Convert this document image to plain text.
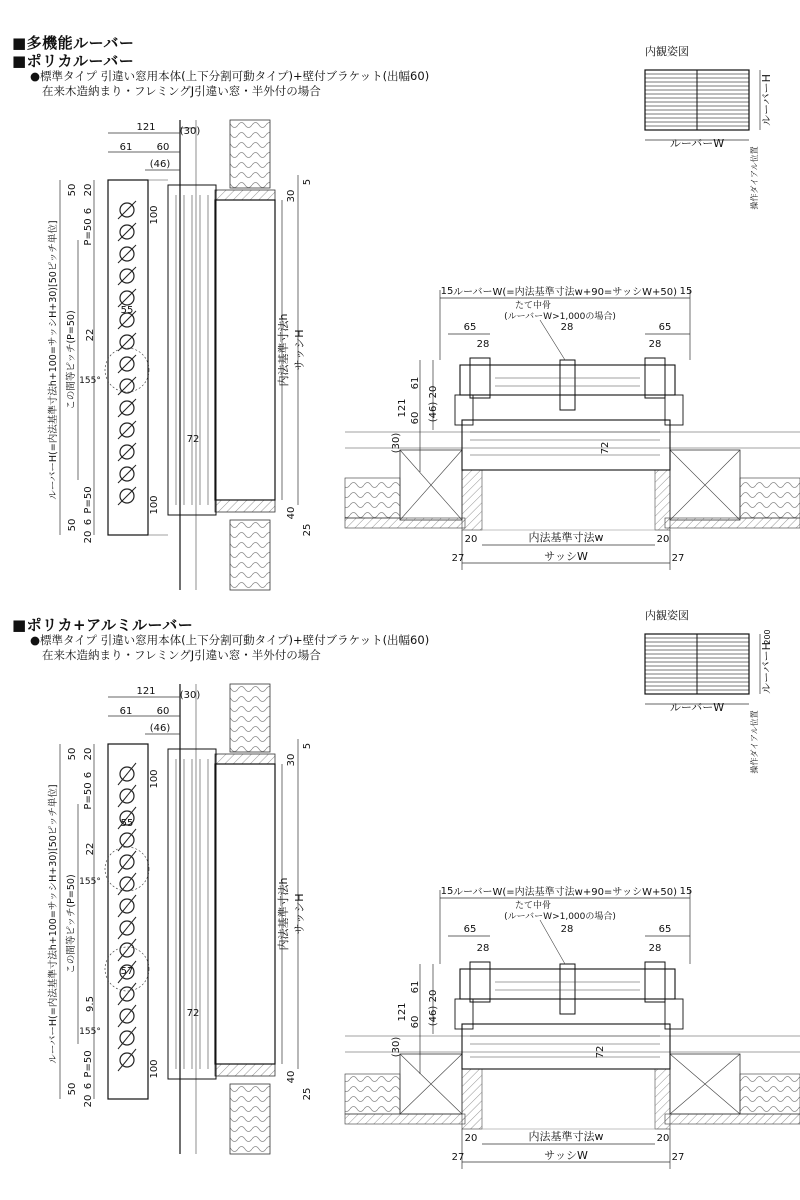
■多機能ルーバー
■ポリカルーバー
●標準タイプ 引違い窓用本体(上下分割可動タイプ)+壁付ブラケット(出幅60)
在来木造納まり・フレミングJ引違い窓・半外付の場合
内観姿図
■ポリカ+アルミルーバー
●標準タイプ 引違い窓用本体(上下分割可動タイプ)+壁付ブラケット(出幅60)
在来木造納まり・フレミングJ引違い窓・半外付の場合
内観姿図
ルーバーW
ルーバーH
操作ダイアル位置
121 (30)
61 60
(46)
5
30
40
25
内法基準寸法h サッシH
ルーバーH(=内法基準寸法h+100=サッシH+30)[50ピッチ単位] この間等ピッチ(P=50)
50 20
6
P=50
P=50
50 6
20
100
100
55
22
155°
72
15	15
ルーバーW(=内法基準寸法w+90=サッシW+50)
たて中骨
(ルーバーW>1,000の場合)
65	28	65
28	28
121
61
20
60 (46)
(30)	72
20	20
内法基準寸法w
27	27
サッシW
ルーバーW
ルーバーH
200
操作ダイアル位置
121 (30)
61 60
(46)
5
30
40
25
内法基準寸法h サッシH
ルーバーH(=内法基準寸法h+100=サッシH+30)[50ピッチ単位] この間等ピッチ(P=50)
50 20
6
P=50
P=50
50 6
20
100
100
55
22
155°
57
9.5
155°
72
15	15
ルーバーW(=内法基準寸法w+90=サッシW+50)
たて中骨
(ルーバーW>1,000の場合)
65	28	65
28	28
121
61
20
60 (46)
(30)	72
20	20
内法基準寸法w
27	27
サッシW
